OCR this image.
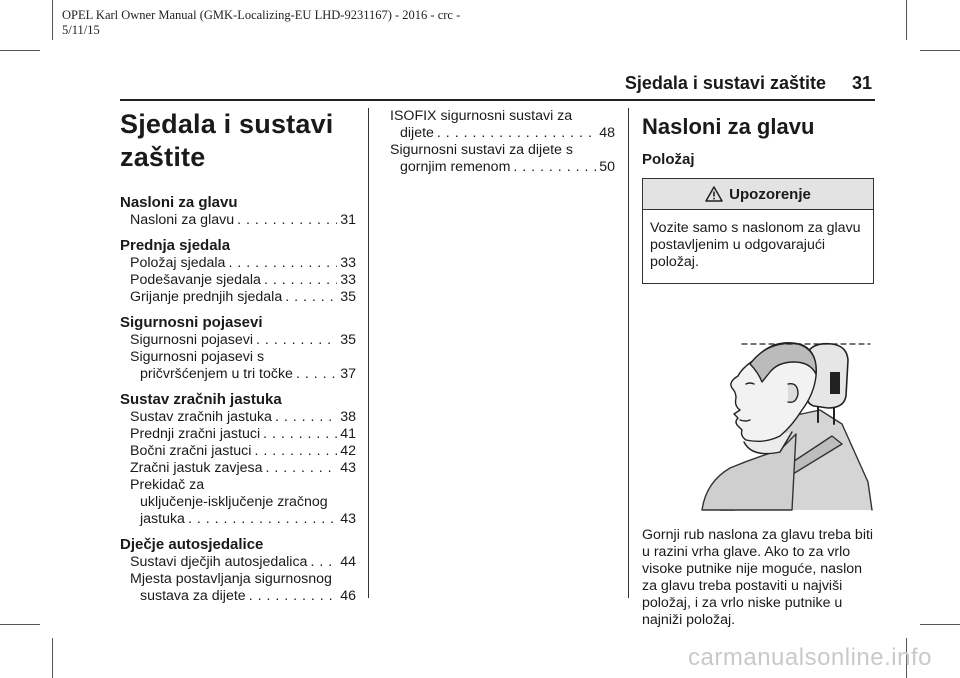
OPEL Karl Owner Manual (GMK-Localizing-EU LHD-9231167) - 2016 - crc -
5/11/15
Sjedala i sustavi zaštite 31
Sjedala i sustavi
zaštite
Nasloni za glavu
Nasloni za glavu . . .	31
Prednja sjedala
Položaj sjedala . . .	33
Podešavanje sjedala . . .	33
Grijanje prednjih sjedala . . .	35
Sigurnosni pojasevi
Sigurnosni pojasevi . . .	35
Sigurnosni pojasevi s
pričvršćenjem u tri točke . . .	37
Sustav zračnih jastuka
Sustav zračnih jastuka . . .	38
Prednji zračni jastuci . . .	41
Bočni zračni jastuci . . .	42
Zračni jastuk zavjesa . . .	43
Prekidač za
uključenje-isključenje zračnog
jastuka . . .	43
Dječje autosjedalice
Sustavi dječjih autosjedalica . . . 44
Mjesta postavljanja sigurnosnog
sustava za dijete . . .	46
ISOFIX sigurnosni sustavi za
dijete . . .	48
Sigurnosni sustavi za dijete s
gornjim remenom . . .	50
Nasloni za glavu
Položaj
Upozorenje
Vozite samo s naslonom za glavu postavljenim u odgovarajući položaj.
Gornji rub naslona za glavu treba biti u razini vrha glave. Ako to za vrlo visoke putnike nije moguće, naslon za glavu treba postaviti u najviši položaj, i za vrlo niske putnike u najniži položaj.
carmanualsonline.info
